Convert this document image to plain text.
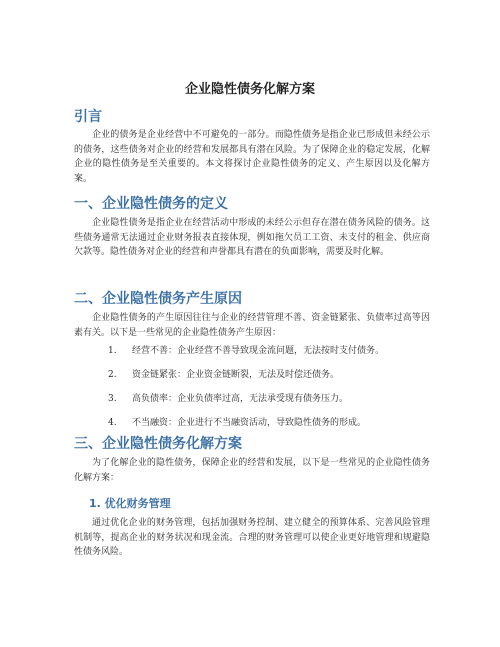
企业隐性债务化解方案
引言

企业的债务是企业经营中不可避免的一部分。而隐性债务是指企业已形成但未经公示的债务，这些债务对企业的经营和发展都具有潜在风险。为了保障企业的稳定发展，化解企业的隐性债务是至关重要的。本文将探讨企业隐性债务的定义、产生原因以及化解方案。

一、企业隐性债务的定义

企业隐性债务是指企业在经营活动中形成的未经公示但存在潜在债务风险的债务。这些债务通常无法通过企业财务报表直接体现，例如拖欠员工工资、未支付的租金、供应商欠款等。隐性债务对企业的经营和声誉都具有潜在的负面影响，需要及时化解。

二、企业隐性债务产生原因

企业隐性债务的产生原因往往与企业的经营管理不善、资金链紧张、负债率过高等因素有关。以下是一些常见的企业隐性债务产生原因：

1.	经营不善：企业经营不善导致现金流问题，无法按时支付债务。
2.	资金链紧张：企业资金链断裂，无法及时偿还债务。
3.	高负债率：企业负债率过高，无法承受现有债务压力。
4.	不当融资：企业进行不当融资活动，导致隐性债务的形成。
三、企业隐性债务化解方案

为了化解企业的隐性债务，保障企业的经营和发展，以下是一些常见的企业隐性债务化解方案：

1. 优化财务管理

通过优化企业的财务管理，包括加强财务控制、建立健全的预算体系、完善风险管理机制等，提高企业的财务状况和现金流。合理的财务管理可以使企业更好地管理和规避隐性债务风险。
